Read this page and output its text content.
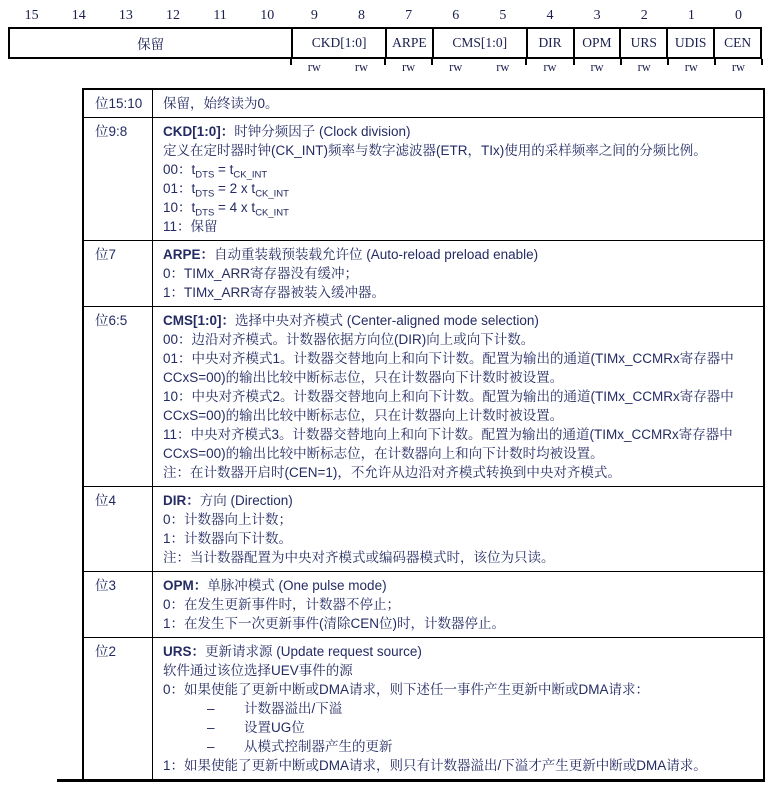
15	14	13	12	11	10	9	8	7	6	5	4	3	2	1	0
保留	CKD[1:0]	ARPE	CMS[1:0]	DIR	OPM	URS	UDIS	CEN
rw	rw	rw	rw	rw	rw	rw	rw	rw	rw
位15:10	保留，始终读为0。
位9:8	CKD[1:0]：时钟分频因子 (Clock division)
定义在定时器时钟(CK_INT)频率与数字滤波器(ETR，TIx)使用的采样频率之间的分频比例。
00：$t_{DTS} = t_{CK\_INT}$
01：$t_{DTS} = 2$ x $t_{CK\_INT}$
10：$t_{DTS} = 4$ x $t_{CK\_INT}$
11：保留
位7	ARPE：自动重装载预装载允许位 (Auto-reload preload enable)
0：TIMx_ARR寄存器没有缓冲；
1：TIMx_ARR寄存器被装入缓冲器。
位6:5	CMS[1:0]：选择中央对齐模式 (Center-aligned mode selection)
00：边沿对齐模式。计数器依据方向位(DIR)向上或向下计数。
01：中央对齐模式1。计数器交替地向上和向下计数。配置为输出的通道(TIMx_CCMRx寄存器中CCxS=00)的输出比较中断标志位，只在计数器向下计数时被设置。
10：中央对齐模式2。计数器交替地向上和向下计数。配置为输出的通道(TIMx_CCMRx寄存器中CCxS=00)的输出比较中断标志位，只在计数器向上计数时被设置。
11：中央对齐模式3。计数器交替地向上和向下计数。配置为输出的通道(TIMx_CCMRx寄存器中CCxS=00)的输出比较中断标志位，在计数器向上和向下计数时均被设置。
注：在计数器开启时(CEN=1)，不允许从边沿对齐模式转换到中央对齐模式。
位4	DIR：方向 (Direction)
0：计数器向上计数；
1：计数器向下计数。
注：当计数器配置为中央对齐模式或编码器模式时，该位为只读。
位3	OPM：单脉冲模式 (One pulse mode)
0：在发生更新事件时，计数器不停止；
1：在发生下一次更新事件(清除CEN位)时，计数器停止。
位2	URS：更新请求源 (Update request source)
软件通过该位选择UEV事件的源
0：如果使能了更新中断或DMA请求，则下述任一事件产生更新中断或DMA请求：
– 计数器溢出/下溢
– 设置UG位
– 从模式控制器产生的更新
1：如果使能了更新中断或DMA请求，则只有计数器溢出/下溢才产生更新中断或DMA请求。
